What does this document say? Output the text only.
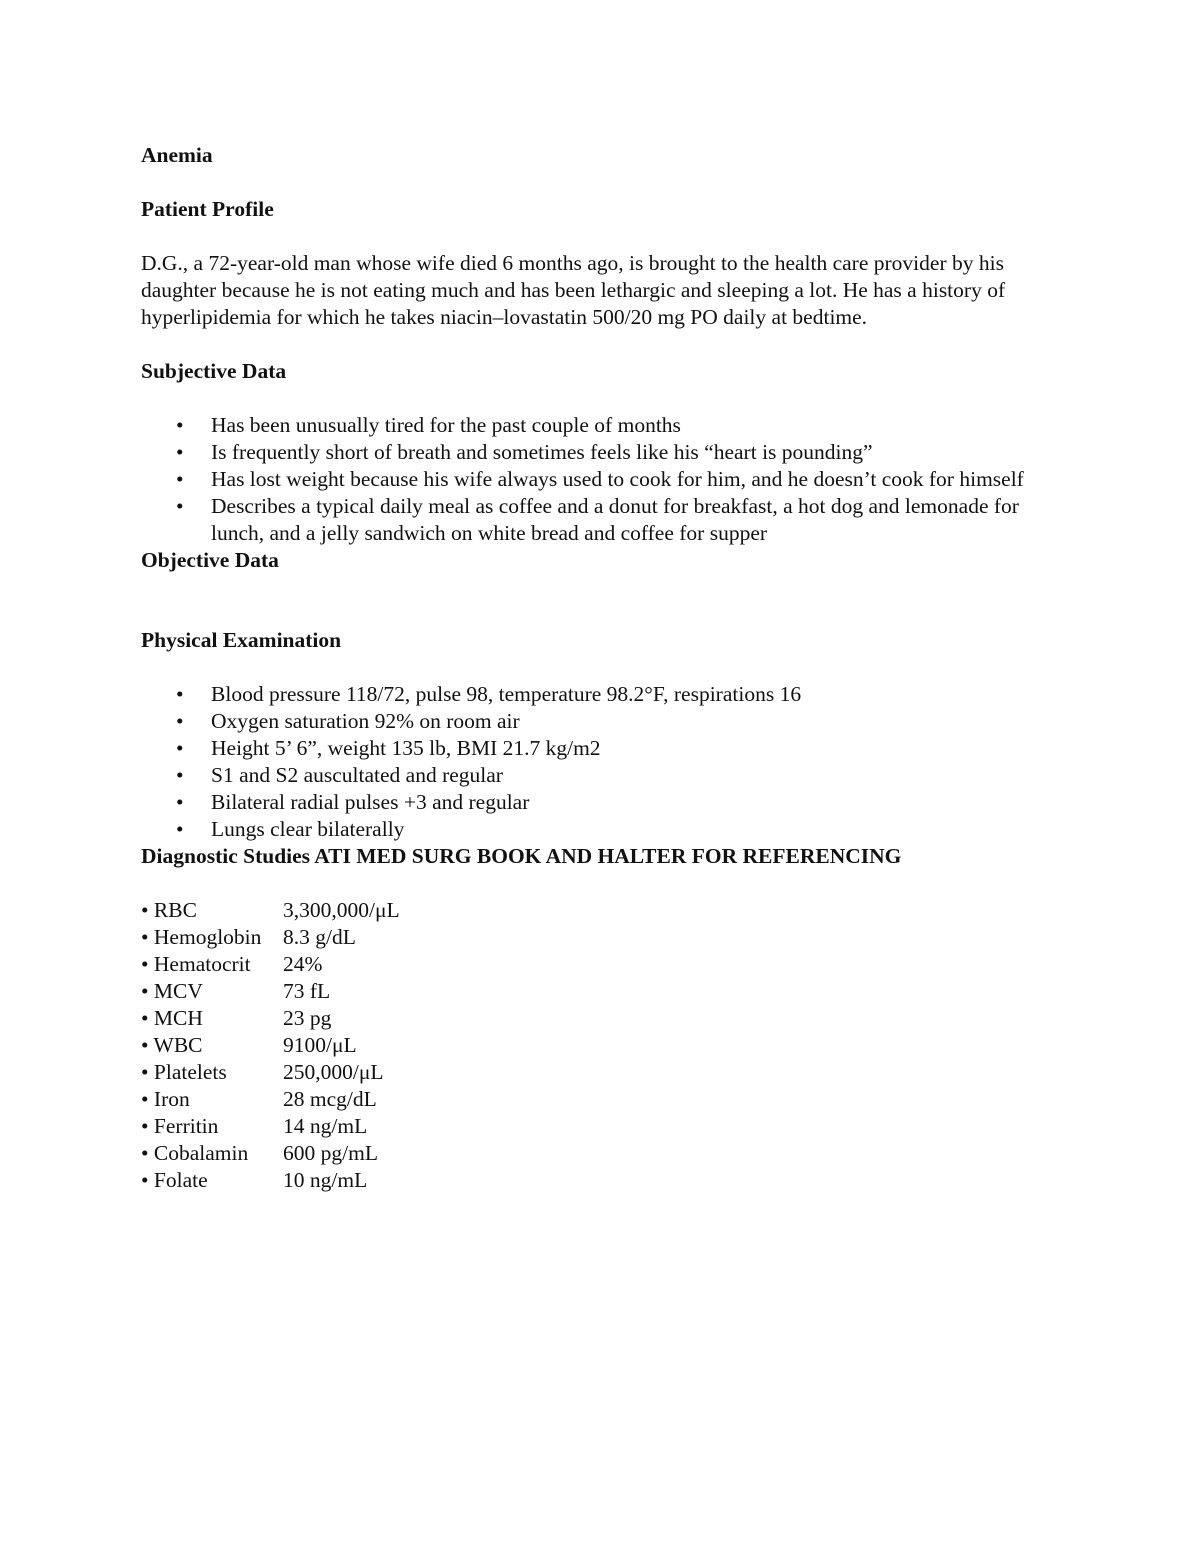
Anemia
Patient Profile

D.G., a 72-year-old man whose wife died 6 months ago, is brought to the health care provider by his daughter because he is not eating much and has been lethargic and sleeping a lot. He has a history of hyperlipidemia for which he takes niacin–lovastatin 500/20 mg PO daily at bedtime.

Subjective Data
• Has been unusually tired for the past couple of months
• Is frequently short of breath and sometimes feels like his “heart is pounding”
• Has lost weight because his wife always used to cook for him, and he doesn’t cook for himself
• Describes a typical daily meal as coffee and a donut for breakfast, a hot dog and lemonade for lunch, and a jelly sandwich on white bread and coffee for supper
Objective Data
Physical Examination
• Blood pressure 118/72, pulse 98, temperature 98.2°F, respirations 16
• Oxygen saturation 92% on room air
• Height 5’ 6”, weight 135 lb, BMI 21.7 kg/m2
• S1 and S2 auscultated and regular
• Bilateral radial pulses +3 and regular
• Lungs clear bilaterally
Diagnostic Studies ATI MED SURG BOOK AND HALTER FOR REFERENCING
• RBC	3,300,000/μL
• Hemoglobin	8.3 g/dL
• Hematocrit	24%
• MCV	73 fL
• MCH	23 pg
• WBC	9100/μL
• Platelets	250,000/μL
• Iron	28 mcg/dL
• Ferritin	14 ng/mL
• Cobalamin	600 pg/mL
• Folate	10 ng/mL
